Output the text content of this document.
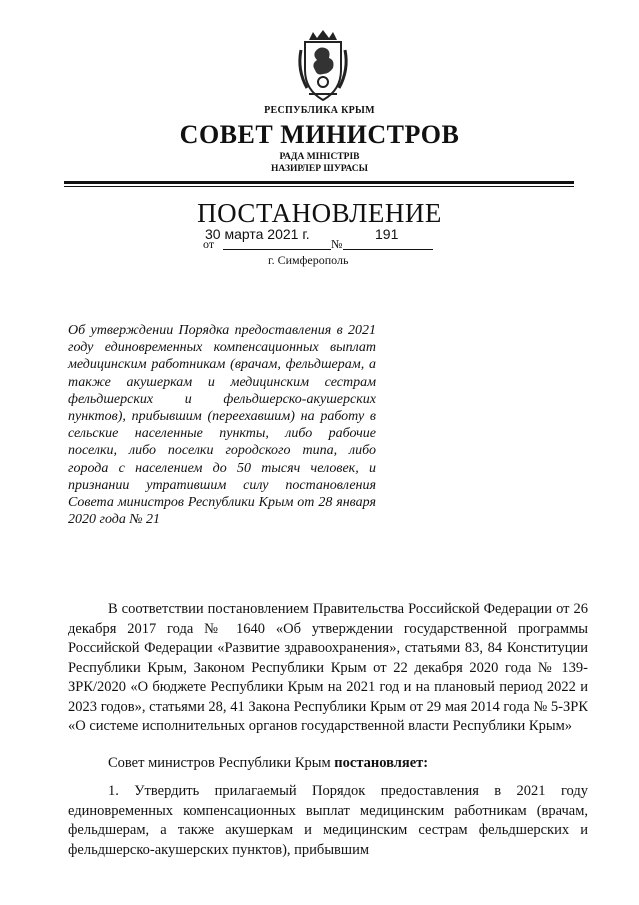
РЕСПУБЛИКА КРЫМ
СОВЕТ МИНИСТРОВ
РАДА МІНІСТРІВ
НАЗИРЛЕР ШУРАСЫ
ПОСТАНОВЛЕНИЕ
30 марта 2021 г.	191
от	№
г. Симферополь
Об утверждении Порядка предоставления в 2021 году единовременных компенсационных выплат медицинским работникам (врачам, фельдшерам, а также акушеркам и медицинским сестрам фельдшерских и фельдшерско-акушерских пунктов), прибывшим (переехавшим) на работу в сельские населенные пункты, либо рабочие поселки, либо поселки городского типа, либо города с населением до 50 тысяч человек, и признании утратившим силу постановления Совета министров Республики Крым от 28 января 2020 года № 21
В соответствии постановлением Правительства Российской Федерации от 26 декабря 2017 года № 1640 «Об утверждении государственной программы Российской Федерации «Развитие здравоохранения», статьями 83, 84 Конституции Республики Крым, Законом Республики Крым от 22 декабря 2020 года № 139-ЗРК/2020 «О бюджете Республики Крым на 2021 год и на плановый период 2022 и 2023 годов», статьями 28, 41 Закона Республики Крым от 29 мая 2014 года № 5-ЗРК «О системе исполнительных органов государственной власти Республики Крым»
Совет министров Республики Крым постановляет:
1. Утвердить прилагаемый Порядок предоставления в 2021 году единовременных компенсационных выплат медицинским работникам (врачам, фельдшерам, а также акушеркам и медицинским сестрам фельдшерских и фельдшерско-акушерских пунктов), прибывшим
